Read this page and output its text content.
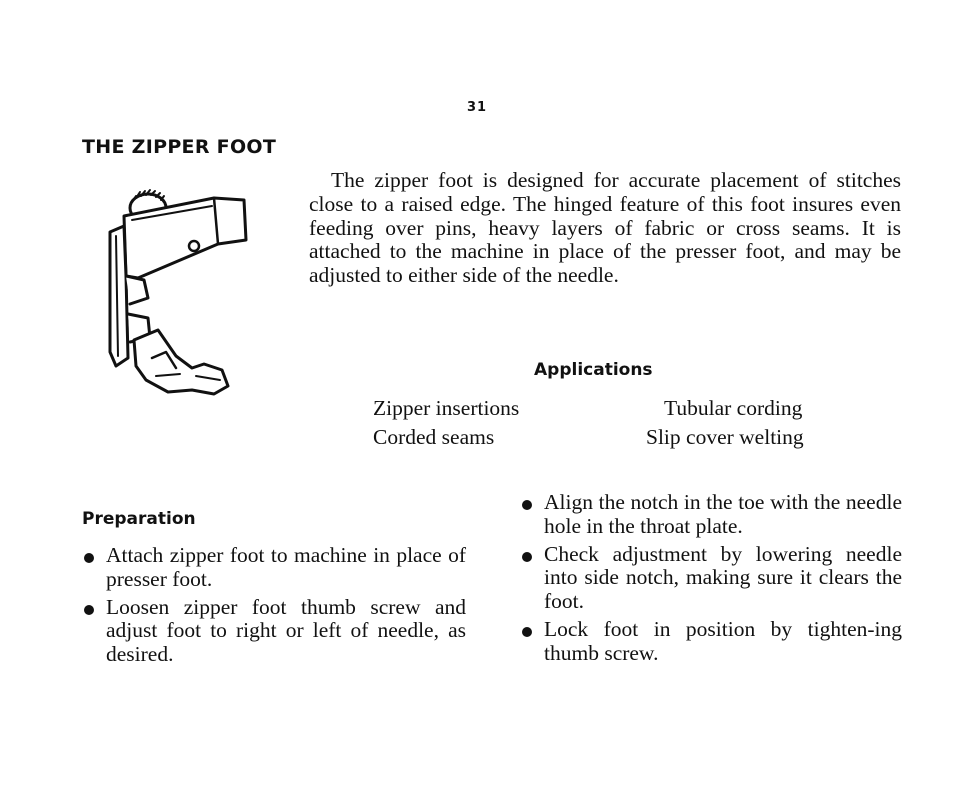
31
THE ZIPPER FOOT

The zipper foot is designed for accurate placement of stitches close to a raised edge. The hinged feature of this foot insures even feeding over pins, heavy layers of fabric or cross seams. It is attached to the machine in place of the presser foot, and may be adjusted to either side of the needle.

Applications
Zipper insertions	Tubular cording
Corded seams	Slip cover welting
Preparation
Attach zipper foot to machine in place of presser foot.
Loosen zipper foot thumb screw and adjust foot to right or left of needle, as desired.
Align the notch in the toe with the needle hole in the throat plate.
Check adjustment by lowering needle into side notch, making sure it clears the foot.
Lock foot in position by tighten-ing thumb screw.
